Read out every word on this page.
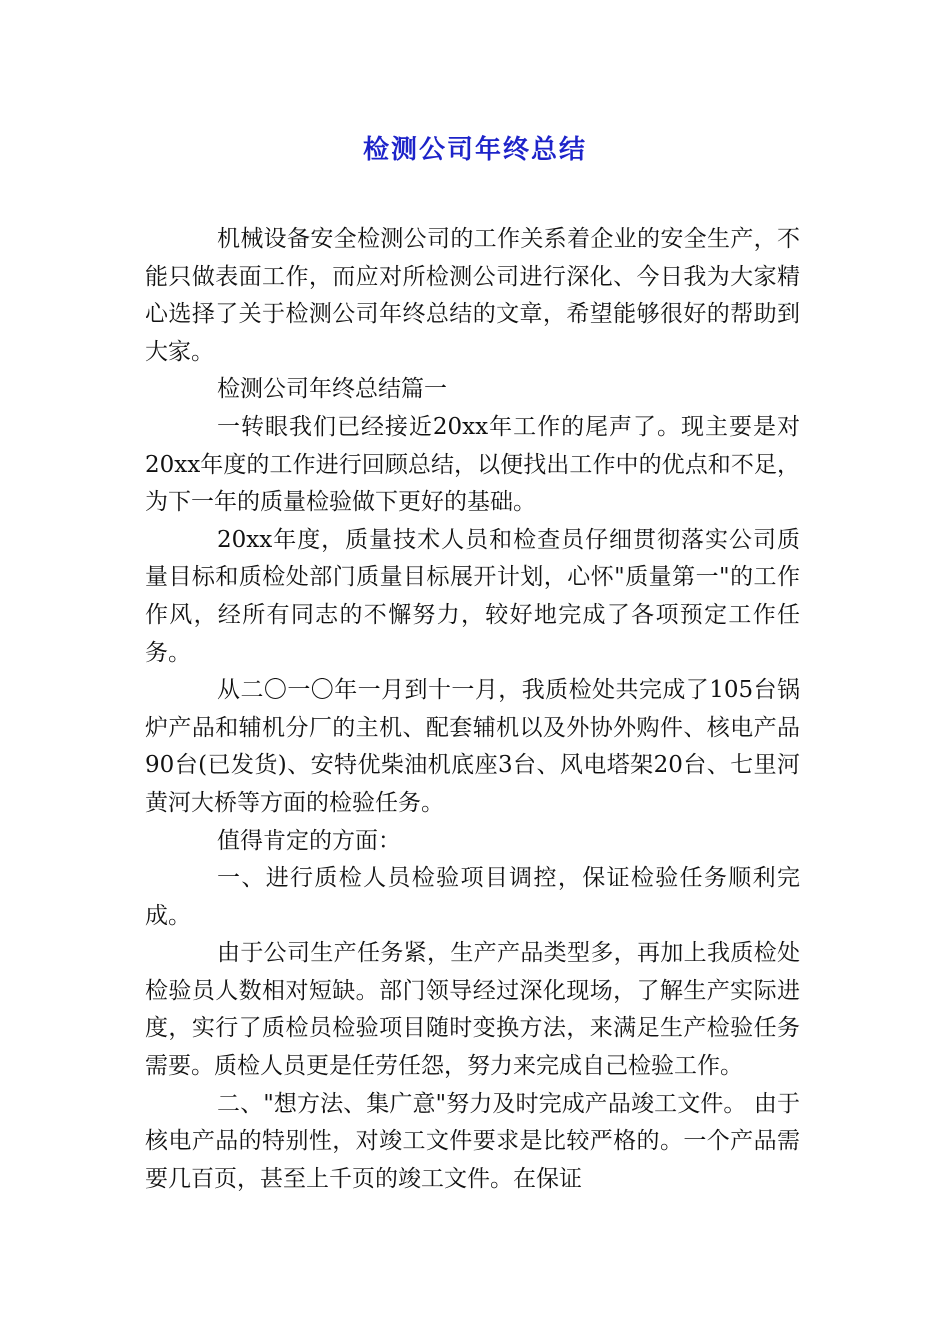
检测公司年终总结

机械设备安全检测公司的工作关系着企业的安全生产，不能只做表面工作，而应对所检测公司进行深化、今日我为大家精心选择了关于检测公司年终总结的文章，希望能够很好的帮助到大家。

检测公司年终总结篇一

一转眼我们已经接近20xx年工作的尾声了。现主要是对20xx年度的工作进行回顾总结，以便找出工作中的优点和不足，为下一年的质量检验做下更好的基础。

20xx年度，质量技术人员和检查员仔细贯彻落实公司质量目标和质检处部门质量目标展开计划，心怀"质量第一"的工作作风，经所有同志的不懈努力，较好地完成了各项预定工作任务。

从二〇一〇年一月到十一月，我质检处共完成了105台锅炉产品和辅机分厂的主机、配套辅机以及外协外购件、核电产品90台(已发货)、安特优柴油机底座3台、风电塔架20台、七里河黄河大桥等方面的检验任务。

值得肯定的方面：

一、进行质检人员检验项目调控，保证检验任务顺利完成。

由于公司生产任务紧，生产产品类型多，再加上我质检处检验员人数相对短缺。部门领导经过深化现场，了解生产实际进度，实行了质检员检验项目随时变换方法，来满足生产检验任务需要。质检人员更是任劳任怨，努力来完成自己检验工作。

二、"想方法、集广意"努力及时完成产品竣工文件。 由于核电产品的特别性，对竣工文件要求是比较严格的。一个产品需要几百页，甚至上千页的竣工文件。在保证
